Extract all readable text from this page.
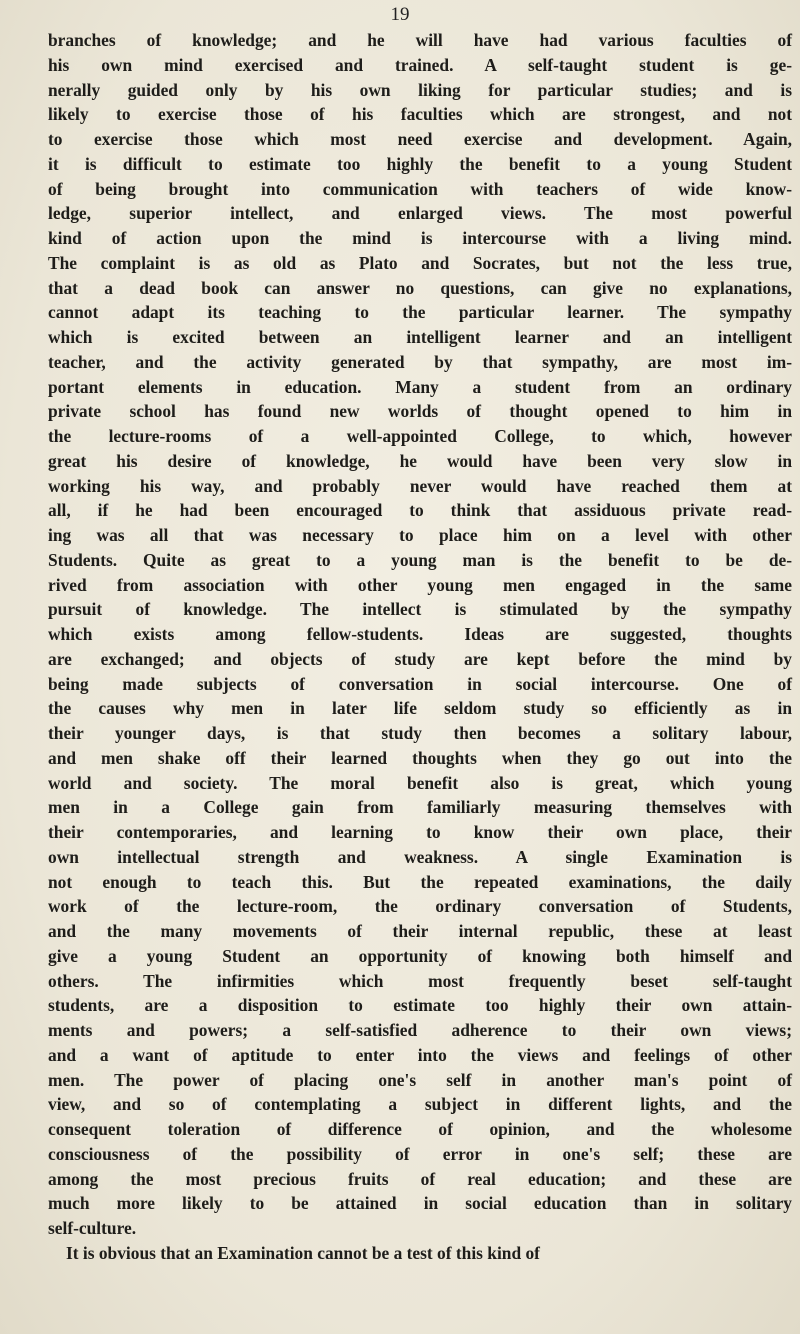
19
branches of knowledge; and he will have had various faculties of
his own mind exercised and trained. A self-taught student is ge-
nerally guided only by his own liking for particular studies; and is
likely to exercise those of his faculties which are strongest, and not
to exercise those which most need exercise and development. Again,
it is difficult to estimate too highly the benefit to a young Student
of being brought into communication with teachers of wide know-
ledge, superior intellect, and enlarged views. The most powerful
kind of action upon the mind is intercourse with a living mind.
The complaint is as old as Plato and Socrates, but not the less true,
that a dead book can answer no questions, can give no explanations,
cannot adapt its teaching to the particular learner. The sympathy
which is excited between an intelligent learner and an intelligent
teacher, and the activity generated by that sympathy, are most im-
portant elements in education. Many a student from an ordinary
private school has found new worlds of thought opened to him in
the lecture-rooms of a well-appointed College, to which, however
great his desire of knowledge, he would have been very slow in
working his way, and probably never would have reached them at
all, if he had been encouraged to think that assiduous private read-
ing was all that was necessary to place him on a level with other
Students. Quite as great to a young man is the benefit to be de-
rived from association with other young men engaged in the same
pursuit of knowledge. The intellect is stimulated by the sympathy
which exists among fellow-students. Ideas are suggested, thoughts
are exchanged; and objects of study are kept before the mind by
being made subjects of conversation in social intercourse. One of
the causes why men in later life seldom study so efficiently as in
their younger days, is that study then becomes a solitary labour,
and men shake off their learned thoughts when they go out into the
world and society. The moral benefit also is great, which young
men in a College gain from familiarly measuring themselves with
their contemporaries, and learning to know their own place, their
own intellectual strength and weakness. A single Examination is
not enough to teach this. But the repeated examinations, the daily
work of the lecture-room, the ordinary conversation of Students,
and the many movements of their internal republic, these at least
give a young Student an opportunity of knowing both himself and
others. The infirmities which most frequently beset self-taught
students, are a disposition to estimate too highly their own attain-
ments and powers; a self-satisfied adherence to their own views;
and a want of aptitude to enter into the views and feelings of other
men. The power of placing one's self in another man's point of
view, and so of contemplating a subject in different lights, and the
consequent toleration of difference of opinion, and the wholesome
consciousness of the possibility of error in one's self; these are
among the most precious fruits of real education; and these are
much more likely to be attained in social education than in solitary
self-culture.
It is obvious that an Examination cannot be a test of this kind of
